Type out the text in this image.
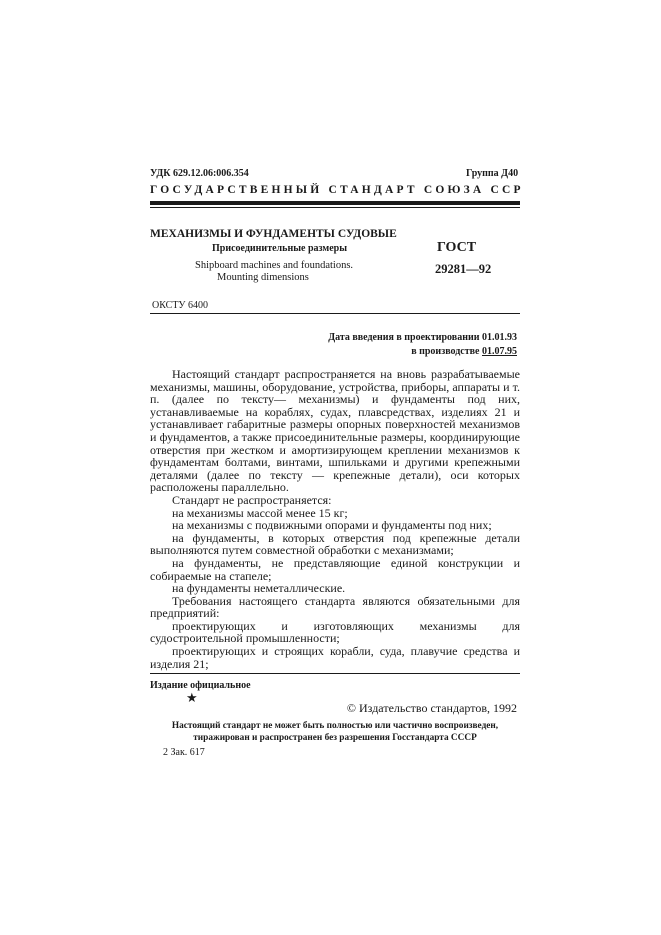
УДК 629.12.06:006.354	Группа Д40
ГОСУДАРСТВЕННЫЙ СТАНДАРТ СОЮЗА ССР
МЕХАНИЗМЫ И ФУНДАМЕНТЫ СУДОВЫЕ
Присоединительные размеры
Shipboard machines and foundations.
Mounting dimensions
ГОСТ
29281—92
ОКСТУ 6400
Дата введения в проектировании 01.01.93
в производстве 01.07.95

Настоящий стандарт распространяется на вновь разрабатываемые механизмы, машины, оборудование, устройства, приборы, аппараты и т. п. (далее по тексту— механизмы) и фундаменты под них, устанавливаемые на кораблях, судах, плавсредствах, изделиях 21 и устанавливает габаритные размеры опорных поверхностей механизмов и фундаментов, а также присоединительные размеры, координирующие отверстия при жестком и амортизирующем креплении механизмов к фундаментам болтами, винтами, шпильками и другими крепежными деталями (далее по тексту — крепежные детали), оси которых расположены параллельно.

Стандарт не распространяется:

на механизмы массой менее 15 кг;

на механизмы с подвижными опорами и фундаменты под них;

на фундаменты, в которых отверстия под крепежные детали выполняются путем совместной обработки с механизмами;

на фундаменты, не представляющие единой конструкции и собираемые на стапеле;

на фундаменты неметаллические.

Требования настоящего стандарта являются обязательными для предприятий:

проектирующих и изготовляющих механизмы для судостроительной промышленности;

проектирующих и строящих корабли, суда, плавучие средства и изделия 21;

Издание официальное
★
© Издательство стандартов, 1992
Настоящий стандарт не может быть полностью или частично воспроизведен,
тиражирован и распространен без разрешения Госстандарта СССР
2 Зак. 617
